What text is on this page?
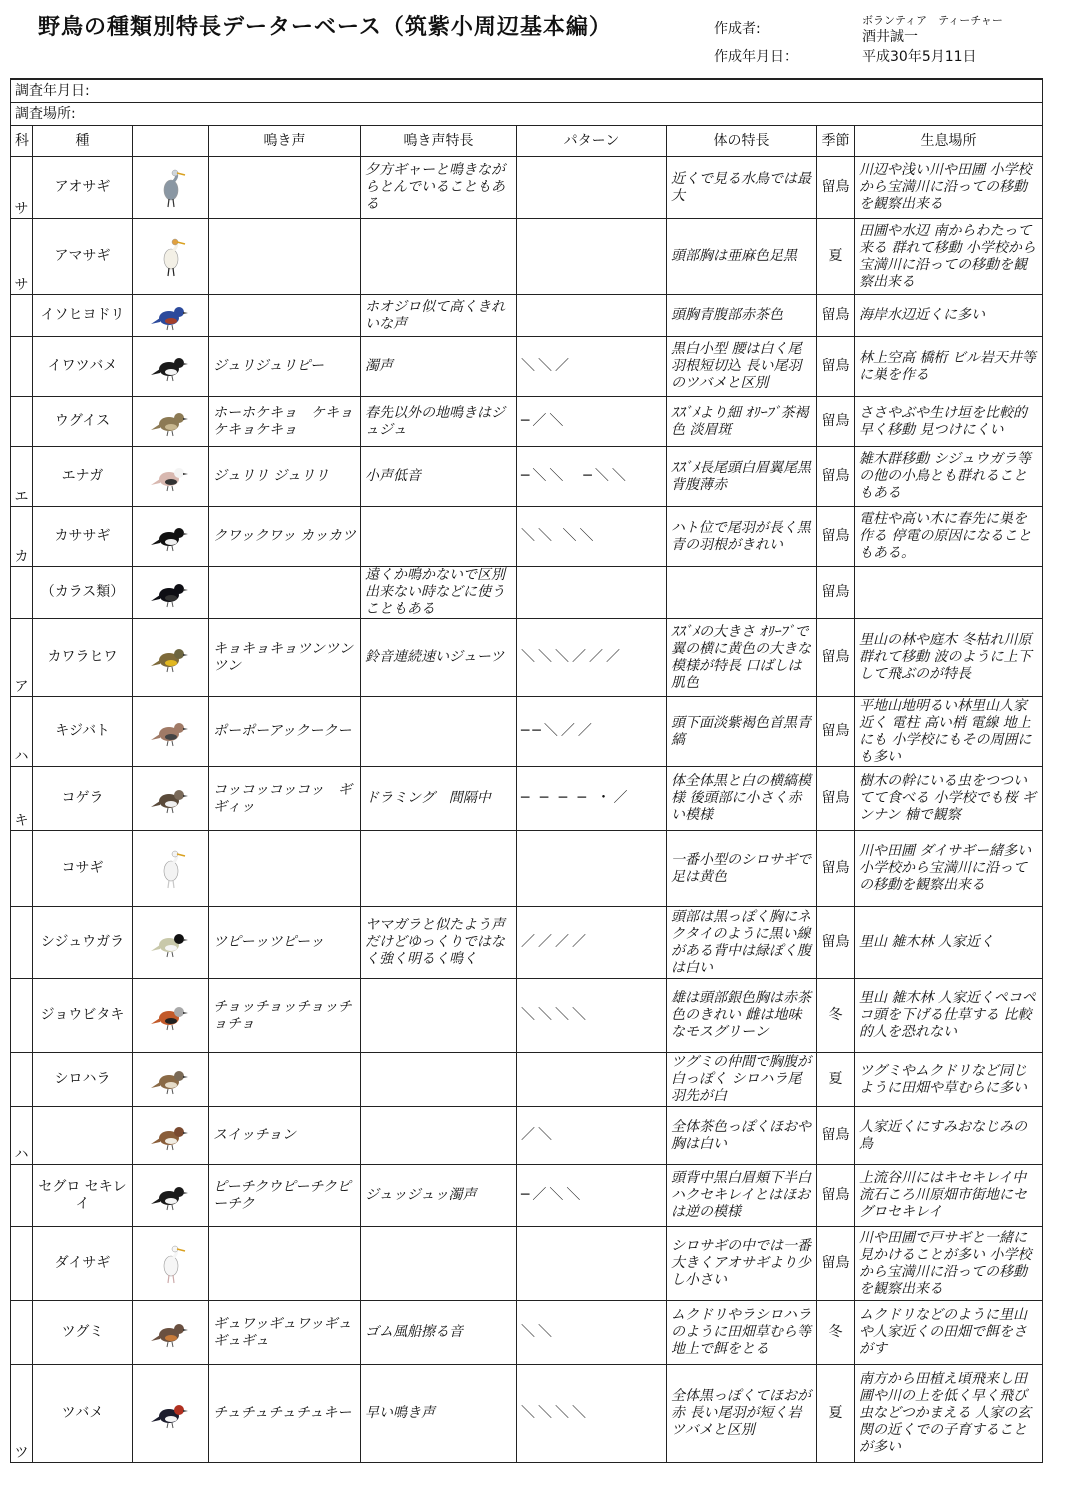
野鳥の種類別特長データーベース（筑紫小周辺基本編）	作成者:
ボランティア　ティーチャー
酒井誠一
作成年月日：	平成30年5月11日
調査年月日:								
調査場所:								
科	種		鳴き声	鳴き声特長	パターン	体の特長	季節	生息場所
サ	アオサギ			夕方ギャーと鳴きながらとんでいることもある		近くで見る水鳥では最大	留鳥	川辺や浅い川や田圃 小学校から宝満川に沿っての移動を観察出来る
サ	アマサギ					頭部胸は亜麻色足黒	夏	田圃や水辺 南からわたって来る 群れて移動 小学校から宝満川に沿っての移動を観察出来る
	イソヒヨドリ			ホオジロ似て高くきれいな声		頭胸青腹部赤茶色	留鳥	海岸水辺近くに多い
	イワツバメ		ジュリジュリピー	濁声	＼＼／	黒白小型 腰は白く尾羽根短切込 長い尾羽のツバメと区別	留鳥	林上空高 橋桁 ビル岩天井等に巣を作る
	ウグイス		ホーホケキョ　ケキョケキョケキョ	春先以外の地鳴きはジュジュ	─／＼	ｽｽﾞﾒより細 ｵﾘｰﾌﾞ茶褐色 淡眉斑	留鳥	ささやぶや生け垣を比較的早く移動 見つけにくい
エ	エナガ		ジュリリ ジュリリ	小声低音	─＼＼　─＼＼	ｽｽﾞﾒ長尾頭白眉翼尾黒背腹薄赤	留鳥	雑木群移動 シジュウガラ等の他の小鳥とも群れることもある
カ	カササギ		クワックワッ カッカツ		＼＼ ＼＼	ハト位で尾羽が長く黒青の羽根がきれい	留鳥	電柱や高い木に春先に巣を作る 停電の原因になることもある。
	（カラス類）			遠くか鳴かないで区別出来ない時などに使うこともある			留鳥	
ア	カワラヒワ		キョキョキョツンツンツン	鈴音連続速いジューツ	＼＼＼／／／	ｽｽﾞﾒの大きさ ｵﾘｰﾌﾞで 翼の横に黄色の大きな模様が特長 口ばしは肌色	留鳥	里山の林や庭木 冬枯れ川原 群れて移動 波のように上下して飛ぶのが特長
ハ	キジバト		ポーポーアックークー		──＼／／	頭下面淡紫褐色首黒青縞	留鳥	平地山地明るい林里山人家近く 電柱 高い梢 電線 地上にも 小学校にもその周囲にも多い
キ	コゲラ		コッコッコッコッ　ギギィッ	ドラミング　間隔中	─ ─ ─ ─ ・／	体全体黒と白の横縞模様 後頭部に小さく赤い模様	留鳥	樹木の幹にいる虫をつついてて食べる 小学校でも桜 ギンナン 楠で観察
	コサギ					一番小型のシロサギで足は黄色	留鳥	川や田圃 ダイサギー緒多い 小学校から宝満川に沿っての移動を観察出来る
	シジュウガラ		ツピーッツピーッ	ヤマガラと似たよう声だけどゆっくりではなく強く明るく鳴く	／／／／	頭部は黒っぽく胸にネクタイのように黒い線がある背中は緑ぽく腹は白い	留鳥	里山 雑木林 人家近く
	ジョウビタキ		チョッチョッチョッチョチョ		＼＼＼＼	雄は頭部銀色胸は赤茶色のきれい 雌は地味なモスグリーン	冬	里山 雑木林 人家近くペコペコ頭を下げる仕草する 比較的人を恐れない
	シロハラ					ツグミの仲間で胸腹が白っぽく シロハラ尾羽先が白	夏	ツグミやムクドリなど同じように田畑や草むらに多い
ハ			スイッチョン		／＼	全体茶色っぽくほおや胸は白い	留鳥	人家近くにすみおなじみの鳥
	セグロ セキレイ		ピーチクウピーチクピーチク	ジュッジュッ濁声	─／＼＼	頭背中黒白眉頬下半白 ハクセキレイとはほおは逆の模様	留鳥	上流谷川にはキセキレイ中流石ころ川原畑市街地にセグロセキレイ
	ダイサギ					シロサギの中では一番大きくアオサギより少し小さい	留鳥	川や田圃で戸サギと一緒に見かけることが多い 小学校から宝満川に沿っての移動を観察出来る
	ツグミ		ギュワッギュワッギュギュギュ	ゴム風船擦る音	＼＼	ムクドリやラシロハラのように田畑草むら等地上で餌をとる	冬	ムクドリなどのように里山や人家近くの田畑で餌をさがす
ツ	ツバメ		チュチュチュチュキー	早い鳴き声	＼＼＼＼	全体黒っぽくてほおが赤 長い尾羽が短く岩ツバメと区別	夏	南方から田植え頃飛来し田圃や川の上を低く早く飛び虫などつかまえる 人家の玄関の近くでの子育することが多い
